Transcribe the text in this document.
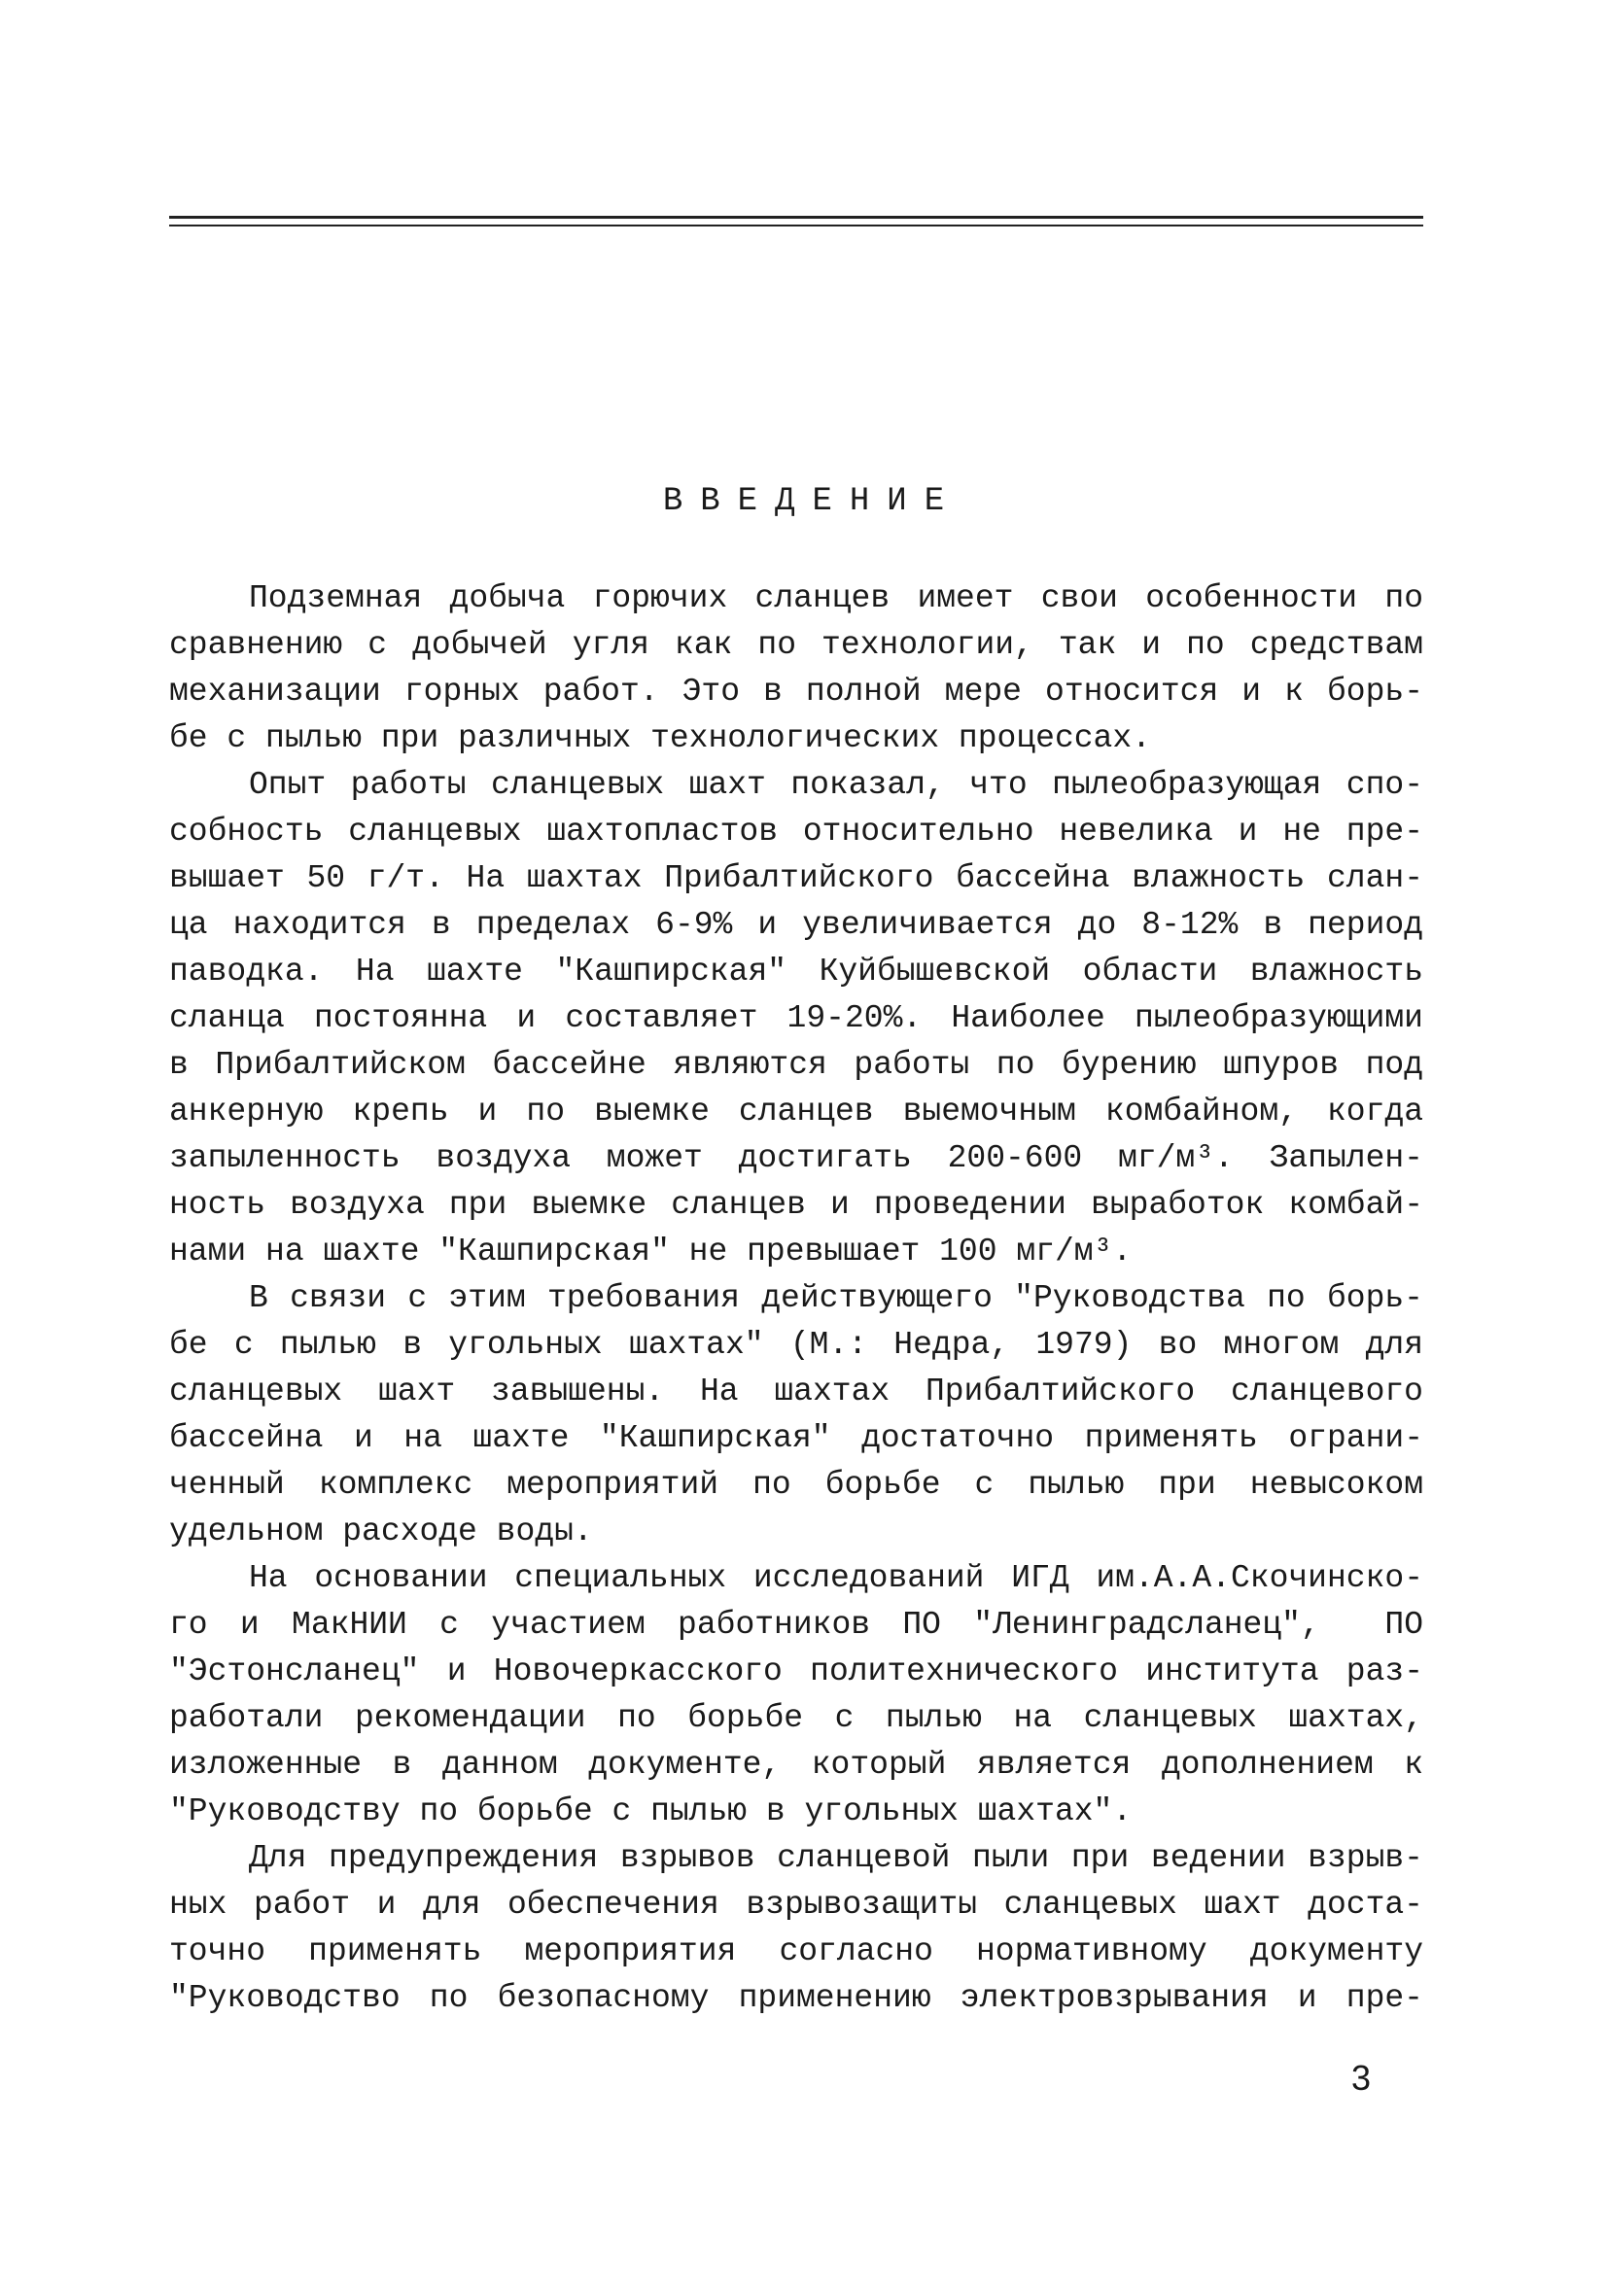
ВВЕДЕНИЕ
Подземная добыча горючих сланцев имеет свои особенности по
сравнению с добычей угля как по технологии, так и по средствам
механизации горных работ. Это в полной мере относится и к борь-
бе с пылью при различных технологических процессах.
Опыт работы сланцевых шахт показал, что пылеобразующая спо-
собность сланцевых шахтопластов относительно невелика и не пре-
вышает 50 г/т. На шахтах Прибалтийского бассейна влажность слан-
ца находится в пределах 6-9% и увеличивается до 8-12% в период
паводка. На шахте "Кашпирская" Куйбышевской области влажность
сланца постоянна и составляет 19-20%. Наиболее пылеобразующими
в Прибалтийском бассейне являются работы по бурению шпуров под
анкерную крепь и по выемке сланцев выемочным комбайном, когда
запыленность воздуха может достигать 200-600 мг/м³. Запылен-
ность воздуха при выемке сланцев и проведении выработок комбай-
нами на шахте "Кашпирская" не превышает 100 мг/м³.
В связи с этим требования действующего "Руководства по борь-
бе с пылью в угольных шахтах" (М.: Недра, 1979) во многом для
сланцевых шахт завышены. На шахтах Прибалтийского сланцевого
бассейна и на шахте "Кашпирская" достаточно применять ограни-
ченный комплекс мероприятий по борьбе с пылью при невысоком
удельном расходе воды.
На основании специальных исследований ИГД им.А.А.Скочинско-
го и МакНИИ с участием работников ПО "Ленинградсланец",  ПО
"Эстонсланец" и Новочеркасского политехнического института раз-
работали рекомендации по борьбе с пылью на сланцевых шахтах,
изложенные в данном документе, который является дополнением к
"Руководству по борьбе с пылью в угольных шахтах".
Для предупреждения взрывов сланцевой пыли при ведении взрыв-
ных работ и для обеспечения взрывозащиты сланцевых шахт доста-
точно применять мероприятия согласно нормативному документу
"Руководство по безопасному применению электровзрывания и пре-
3
